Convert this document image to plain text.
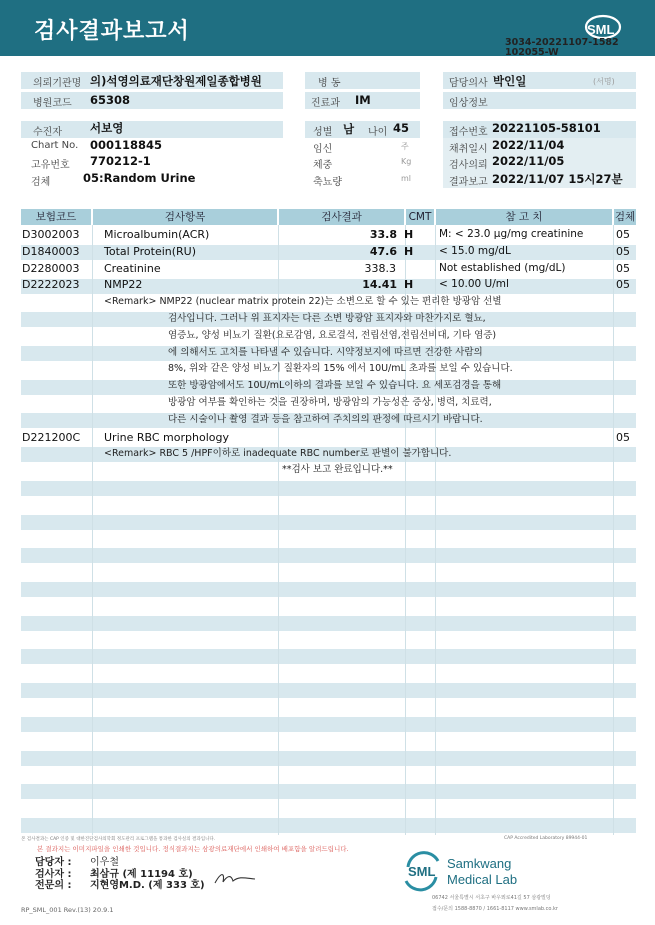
검사결과보고서	SML
3034-20221107-1582
102055-W
의뢰기관명 의)석영의료재단창원제일종합병원	병 동	담당의사 박인일	(서명)
병원코드 65308	진료과 IM	임상정보
수진자 서보영	성별 남	나이 45	접수번호 20221105-58101
Chart No. 000118845	임신	주	채취일시 2022/11/04
고유번호 770212-1	체중	Kg	검사의뢰 2022/11/05
검체	05:Random Urine	축뇨량	ml	결과보고 2022/11/07 15시27분
보험코드	검사항목	검사결과	CMT	참 고 치	검체
D3002003 Microalbumin(ACR)	33.8 H M: < 23.0 µg/mg creatinine	05
D1840003 Total Protein(RU)	47.6 H < 15.0 mg/dL	05
D2280003 Creatinine	338.3	Not established (mg/dL)	05
D2222023 NMP22	14.41 H < 10.00 U/ml	05
<Remark> NMP22 (nuclear matrix protein 22)는 소변으로 할 수 있는 편리한 방광암 선별
검사입니다. 그러나 위 표지자는 다른 소변 방광암 표지자와 마찬가지로 혈뇨,
염증뇨, 양성 비뇨기 질환(요로감염, 요로결석, 전립선염,전립선비대, 기타 염증)
에 의해서도 고치를 나타낼 수 있습니다. 시약정보지에 따르면 건강한 사람의
8%, 위와 같은 양성 비뇨기 질환자의 15% 에서 10U/mL 초과를 보일 수 있습니다.
또한 방광암에서도 10U/mL이하의 결과를 보일 수 있습니다. 요 세포검경을 통해
방광암 여부를 확인하는 것을 권장하며, 방광암의 가능성은 증상, 병력, 치료력,
다른 시술이나 촬영 결과 등을 참고하여 주치의의 판정에 따르시기 바랍니다.
D221200C Urine RBC morphology	05
<Remark> RBC 5 /HPF이하로 inadequate RBC number로 판별이 불가합니다.
**검사 보고 완료입니다.**
본 검사결과는 CAP 인증 및 대한진단검사의학회 정도관리 프로그램을 통과한 검사실의 결과입니다.	CAP Accredited Laboratory 89944-01
본 결과지는 이미지파일을 인쇄한 것입니다. 정식결과지는 삼광의료재단에서 인쇄하여 배포함을 알려드립니다.
담당자 : 이우철
검사자 : 최삼규 (제 11194 호)
전문의 : 지현영M.D. (제 333 호)
SML
Samkwang
Medical Lab
06742 서울특별시 서초구 바우뫼로41길 57 삼광빌딩
접수/문의 1588-8870 / 1661-8117 www.smlab.co.kr
RP_SML_001 Rev.(13) 20.9.1
